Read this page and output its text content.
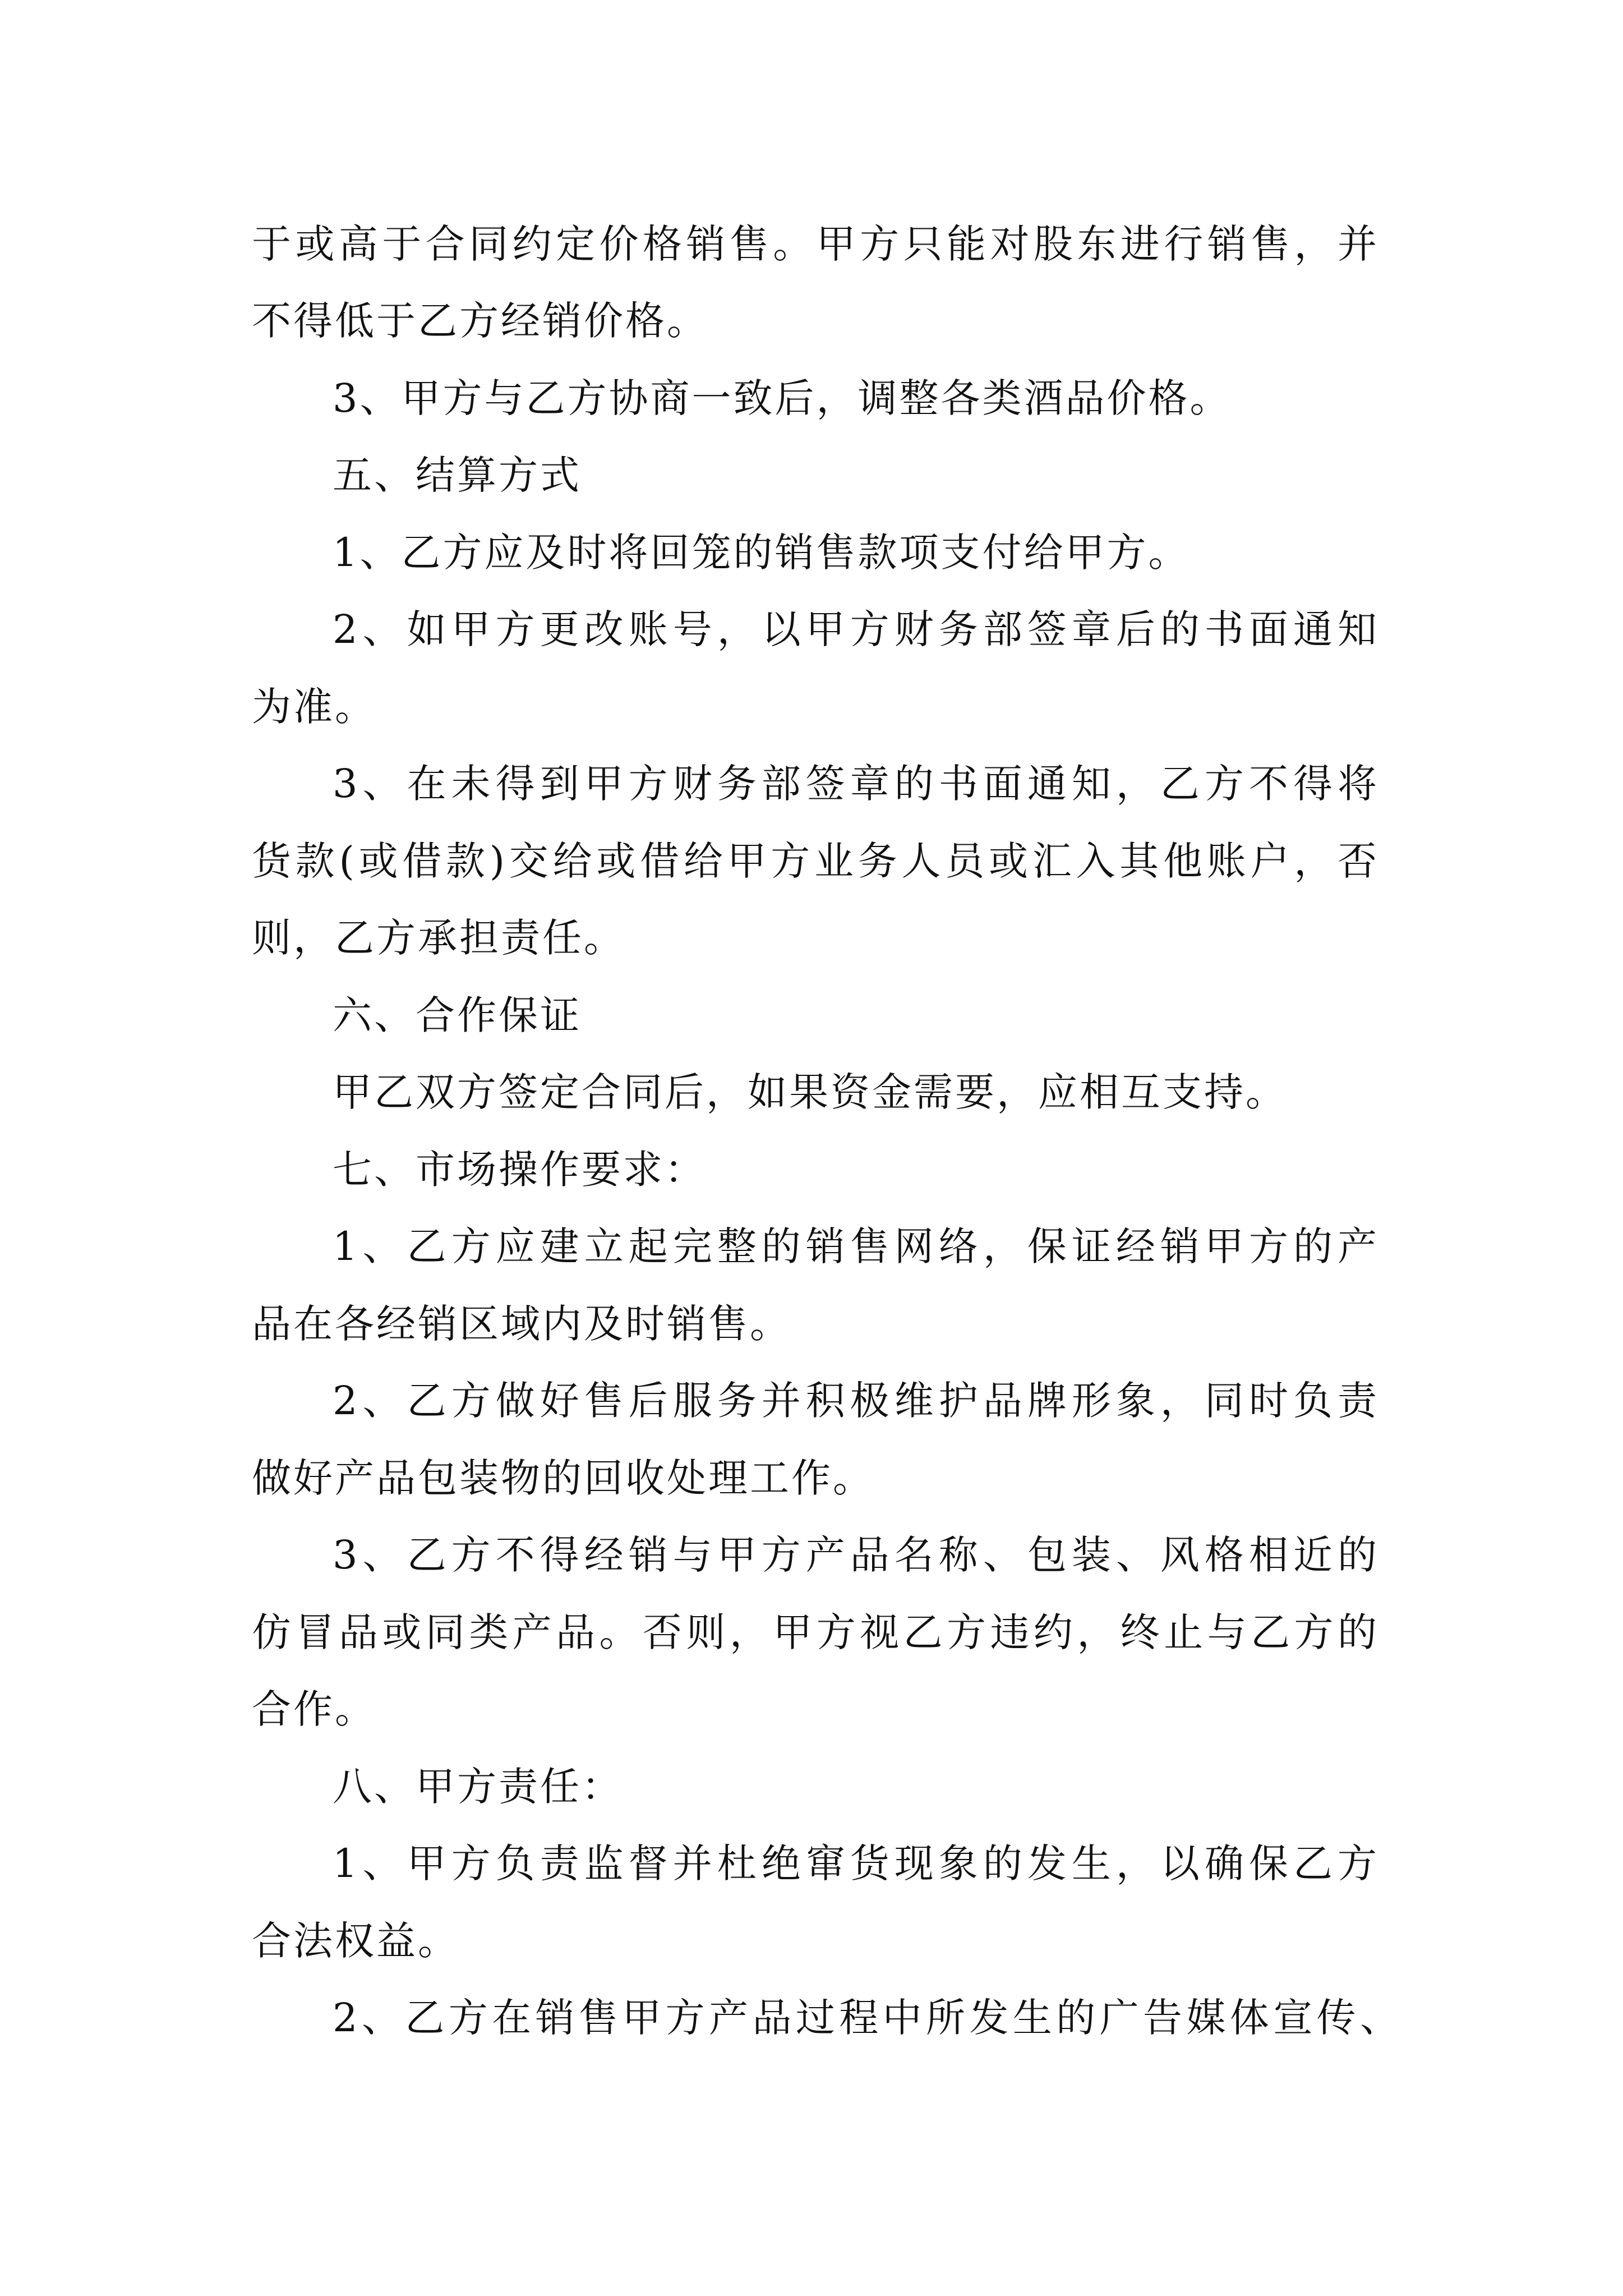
于或高于合同约定价格销售。甲方只能对股东进行销售，并
不得低于乙方经销价格。
3、甲方与乙方协商一致后，调整各类酒品价格。
五、结算方式
1、乙方应及时将回笼的销售款项支付给甲方。
2、如甲方更改账号，以甲方财务部签章后的书面通知
为准。
3、在未得到甲方财务部签章的书面通知，乙方不得将
货款(或借款)交给或借给甲方业务人员或汇入其他账户，否
则，乙方承担责任。
六、合作保证
甲乙双方签定合同后，如果资金需要，应相互支持。
七、市场操作要求：
1、乙方应建立起完整的销售网络，保证经销甲方的产
品在各经销区域内及时销售。
2、乙方做好售后服务并积极维护品牌形象，同时负责
做好产品包装物的回收处理工作。
3、乙方不得经销与甲方产品名称、包装、风格相近的
仿冒品或同类产品。否则，甲方视乙方违约，终止与乙方的
合作。
八、甲方责任：
1、甲方负责监督并杜绝窜货现象的发生，以确保乙方
合法权益。
2、乙方在销售甲方产品过程中所发生的广告媒体宣传、
